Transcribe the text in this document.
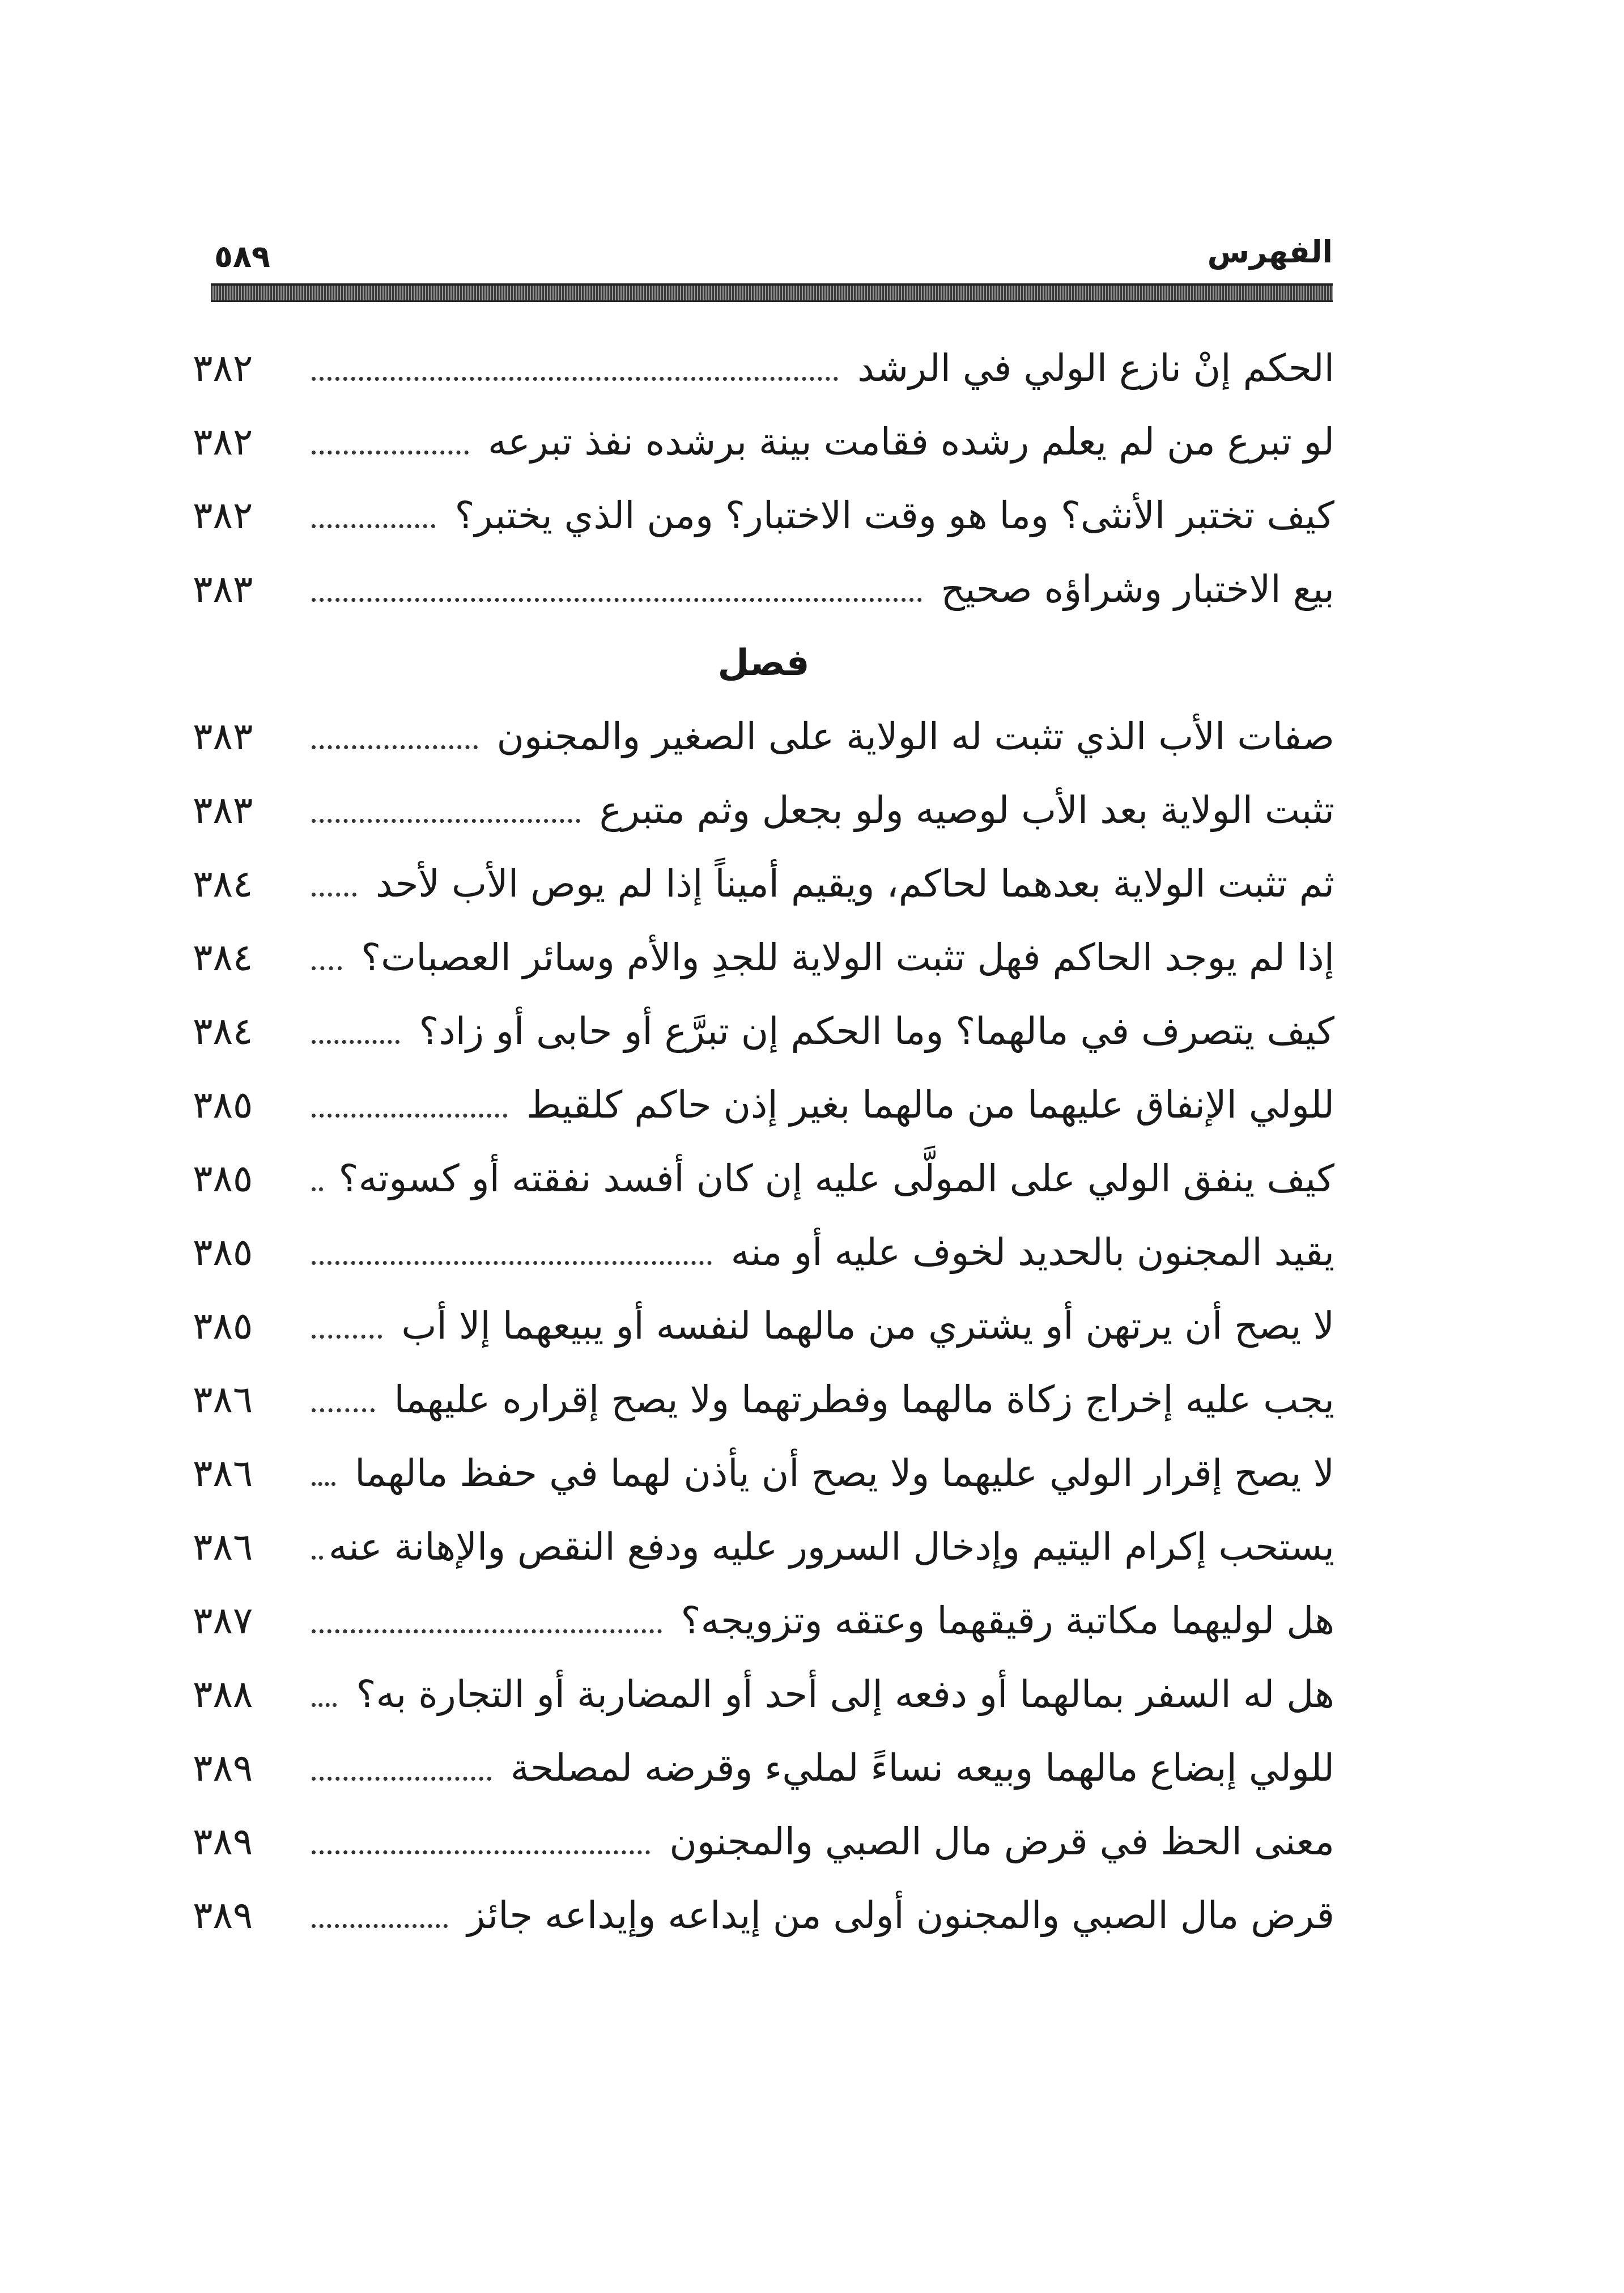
الفهرس
٥٨٩
الحكم إنْ نازع الولي في الرشد
٣٨٢
لو تبرع من لم يعلم رشده فقامت بينة برشده نفذ تبرعه
٣٨٢
كيف تختبر الأنثى؟ وما هو وقت الاختبار؟ ومن الذي يختبر؟
٣٨٢
بيع الاختبار وشراؤه صحيح
٣٨٣
فصل
صفات الأب الذي تثبت له الولاية على الصغير والمجنون
٣٨٣
تثبت الولاية بعد الأب لوصيه ولو بجعل وثم متبرع
٣٨٣
ثم تثبت الولاية بعدهما لحاكم، ويقيم أميناً إذا لم يوص الأب لأحد
٣٨٤
إذا لم يوجد الحاكم فهل تثبت الولاية للجدِ والأم وسائر العصبات؟
٣٨٤
كيف يتصرف في مالهما؟ وما الحكم إن تبرَّع أو حابى أو زاد؟
٣٨٤
للولي الإنفاق عليهما من مالهما بغير إذن حاكم كلقيط
٣٨٥
كيف ينفق الولي على المولَّى عليه إن كان أفسد نفقته أو كسوته؟
٣٨٥
يقيد المجنون بالحديد لخوف عليه أو منه
٣٨٥
لا يصح أن يرتهن أو يشتري من مالهما لنفسه أو يبيعهما إلا أب
٣٨٥
يجب عليه إخراج زكاة مالهما وفطرتهما ولا يصح إقراره عليهما
٣٨٦
لا يصح إقرار الولي عليهما ولا يصح أن يأذن لهما في حفظ مالهما
٣٨٦
يستحب إكرام اليتيم وإدخال السرور عليه ودفع النقص والإهانة عنه
٣٨٦
هل لوليهما مكاتبة رقيقهما وعتقه وتزويجه؟
٣٨٧
هل له السفر بمالهما أو دفعه إلى أحد أو المضاربة أو التجارة به؟
٣٨٨
للولي إبضاع مالهما وبيعه نساءً لمليء وقرضه لمصلحة
٣٨٩
معنى الحظ في قرض مال الصبي والمجنون
٣٨٩
قرض مال الصبي والمجنون أولى من إيداعه وإيداعه جائز
٣٨٩
